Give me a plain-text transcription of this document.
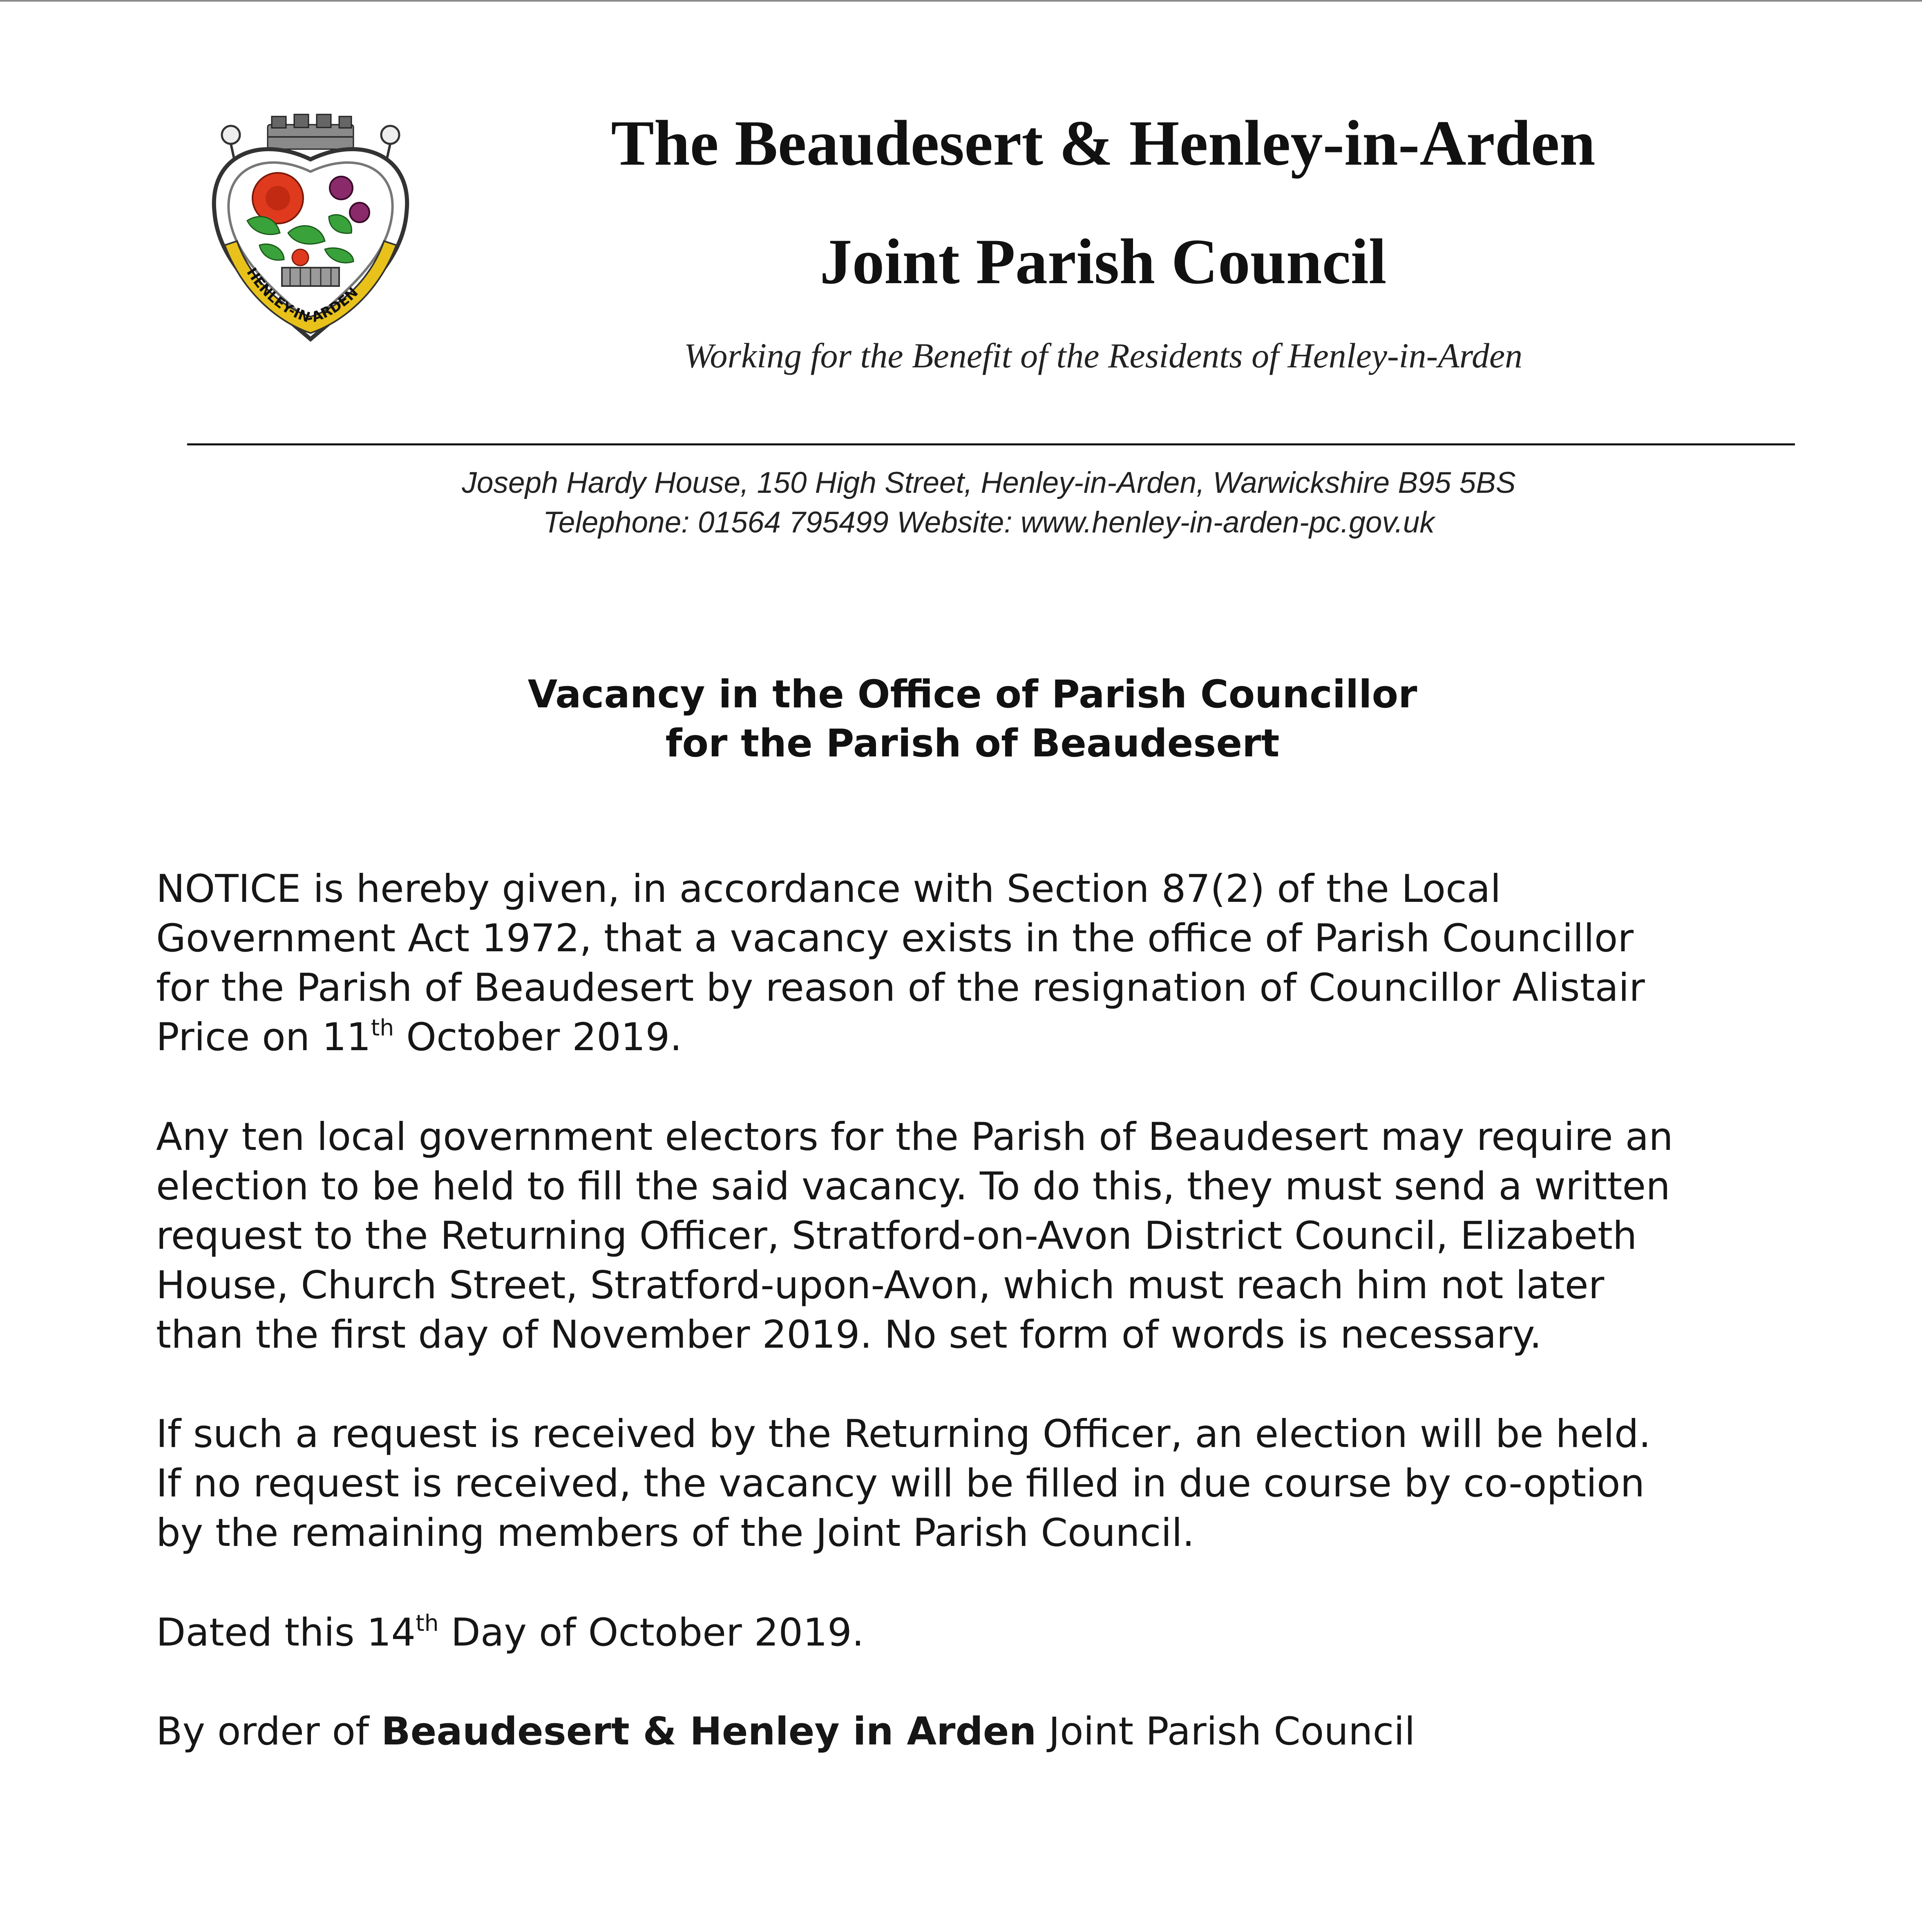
HENLEY-IN-ARDEN
The Beaudesert & Henley-in-Arden
Joint Parish Council
Working for the Benefit of the Residents of Henley-in-Arden
Joseph Hardy House, 150 High Street, Henley-in-Arden, Warwickshire B95 5BS
Telephone: 01564 795499 Website: www.henley-in-arden-pc.gov.uk
Vacancy in the Office of Parish Councillor
for the Parish of Beaudesert
NOTICE is hereby given, in accordance with Section 87(2) of the Local
Government Act 1972, that a vacancy exists in the office of Parish Councillor
for the Parish of Beaudesert by reason of the resignation of Councillor Alistair
Price on 11th October 2019.
Any ten local government electors for the Parish of Beaudesert may require an
election to be held to fill the said vacancy. To do this, they must send a written
request to the Returning Officer, Stratford-on-Avon District Council, Elizabeth
House, Church Street, Stratford-upon-Avon, which must reach him not later
than the first day of November 2019. No set form of words is necessary.
If such a request is received by the Returning Officer, an election will be held.
If no request is received, the vacancy will be filled in due course by co-option
by the remaining members of the Joint Parish Council.
Dated this 14th Day of October 2019.
By order of Beaudesert & Henley in Arden Joint Parish Council
